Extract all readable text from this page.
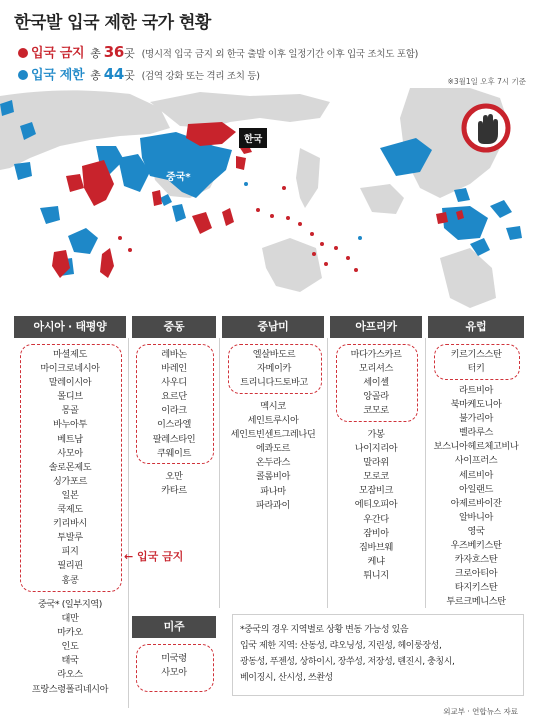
한국발 입국 제한 국가 현황
입국 금지 총 36곳 (명시적 입국 금지 외 한국 출발 이후 일정기간 이후 입국 조치도 포함)
입국 제한 총 44곳 (검역 강화 또는 격리 조치 등)	※3월1일 오후 7시 기준
한국
중국*
아시아 · 태평양	중동	중남미	아프리카	유럽
미주
마셜제도
마이크로네시아
말레이시아
몰디브
몽골
바누아투
베트남
사모아
솔로몬제도
싱가포르
일본
쿡제도
키리바시
투발루
피지
필리핀
홍콩
중국* (일부지역)
대만
마카오
인도
태국
라오스
프랑스령폴리네시아
레바논
바레인
사우디
요르단
이라크
이스라엘
팔레스타인
쿠웨이트
오만
카타르
엘살바도르
자메이카
트리니다드토바고
멕시코
세인트루시아
세인트빈센트그레나딘
에콰도르
온두라스
콜롬비아
파나마
파라과이
마다가스카르
모리셔스
세이셸
앙골라
코모로
가봉
나이지리아
말라위
모로코
모잠비크
에티오피아
우간다
잠비아
짐바브웨
케냐
튀니지
키르기스스탄
터키
라트비아
북마케도니아
불가리아
벨라루스
보스니아헤르체고비나
사이프러스
세르비아
아일랜드
아제르바이잔
알바니아
영국
우즈베키스탄
카자흐스탄
크로아티아
타지키스탄
투르크메니스탄
미국령
사모아
← 입국 금지
*중국의 경우 지역별로 상황 변동 가능성 있음
입국 제한 지역: 산동성, 랴오닝성, 지린성, 헤이룽장성,
광동성, 푸젠성, 상하이시, 장쑤성, 저장성, 톈진시, 충칭시,
베이징시, 산시성, 쓰촨성
외교부 · 연합뉴스 자료
